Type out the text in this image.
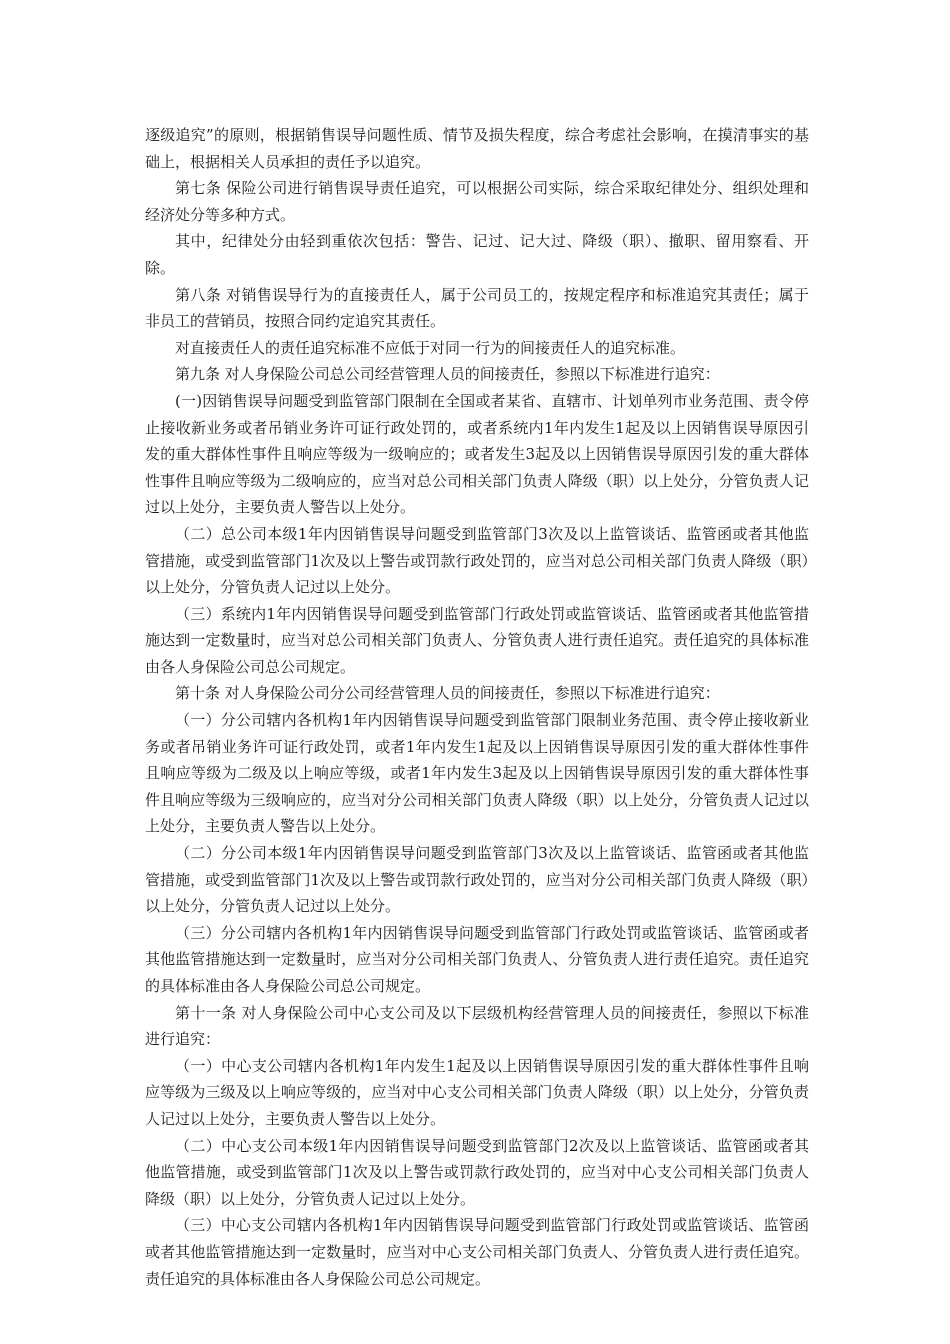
逐级追究”的原则，根据销售误导问题性质、情节及损失程度，综合考虑社会影响，在摸清事实的基础上，根据相关人员承担的责任予以追究。

第七条 保险公司进行销售误导责任追究，可以根据公司实际，综合采取纪律处分、组织处理和经济处分等多种方式。

其中，纪律处分由轻到重依次包括：警告、记过、记大过、降级（职）、撤职、留用察看、开除。

第八条 对销售误导行为的直接责任人，属于公司员工的，按规定程序和标准追究其责任；属于非员工的营销员，按照合同约定追究其责任。

对直接责任人的责任追究标准不应低于对同一行为的间接责任人的追究标准。

第九条 对人身保险公司总公司经营管理人员的间接责任，参照以下标准进行追究：

(一)因销售误导问题受到监管部门限制在全国或者某省、直辖市、计划单列市业务范围、责令停止接收新业务或者吊销业务许可证行政处罚的，或者系统内1年内发生1起及以上因销售误导原因引发的重大群体性事件且响应等级为一级响应的；或者发生3起及以上因销售误导原因引发的重大群体性事件且响应等级为二级响应的，应当对总公司相关部门负责人降级（职）以上处分，分管负责人记过以上处分，主要负责人警告以上处分。

（二）总公司本级1年内因销售误导问题受到监管部门3次及以上监管谈话、监管函或者其他监管措施，或受到监管部门1次及以上警告或罚款行政处罚的，应当对总公司相关部门负责人降级（职）以上处分，分管负责人记过以上处分。

（三）系统内1年内因销售误导问题受到监管部门行政处罚或监管谈话、监管函或者其他监管措施达到一定数量时，应当对总公司相关部门负责人、分管负责人进行责任追究。责任追究的具体标准由各人身保险公司总公司规定。

第十条 对人身保险公司分公司经营管理人员的间接责任，参照以下标准进行追究：

（一）分公司辖内各机构1年内因销售误导问题受到监管部门限制业务范围、责令停止接收新业务或者吊销业务许可证行政处罚，或者1年内发生1起及以上因销售误导原因引发的重大群体性事件且响应等级为二级及以上响应等级，或者1年内发生3起及以上因销售误导原因引发的重大群体性事件且响应等级为三级响应的，应当对分公司相关部门负责人降级（职）以上处分，分管负责人记过以上处分，主要负责人警告以上处分。

（二）分公司本级1年内因销售误导问题受到监管部门3次及以上监管谈话、监管函或者其他监管措施，或受到监管部门1次及以上警告或罚款行政处罚的，应当对分公司相关部门负责人降级（职）以上处分，分管负责人记过以上处分。

（三）分公司辖内各机构1年内因销售误导问题受到监管部门行政处罚或监管谈话、监管函或者其他监管措施达到一定数量时，应当对分公司相关部门负责人、分管负责人进行责任追究。责任追究的具体标准由各人身保险公司总公司规定。

第十一条 对人身保险公司中心支公司及以下层级机构经营管理人员的间接责任，参照以下标准进行追究：

（一）中心支公司辖内各机构1年内发生1起及以上因销售误导原因引发的重大群体性事件且响应等级为三级及以上响应等级的，应当对中心支公司相关部门负责人降级（职）以上处分，分管负责人记过以上处分，主要负责人警告以上处分。

（二）中心支公司本级1年内因销售误导问题受到监管部门2次及以上监管谈话、监管函或者其他监管措施，或受到监管部门1次及以上警告或罚款行政处罚的，应当对中心支公司相关部门负责人降级（职）以上处分，分管负责人记过以上处分。

（三）中心支公司辖内各机构1年内因销售误导问题受到监管部门行政处罚或监管谈话、监管函或者其他监管措施达到一定数量时，应当对中心支公司相关部门负责人、分管负责人进行责任追究。责任追究的具体标准由各人身保险公司总公司规定。
